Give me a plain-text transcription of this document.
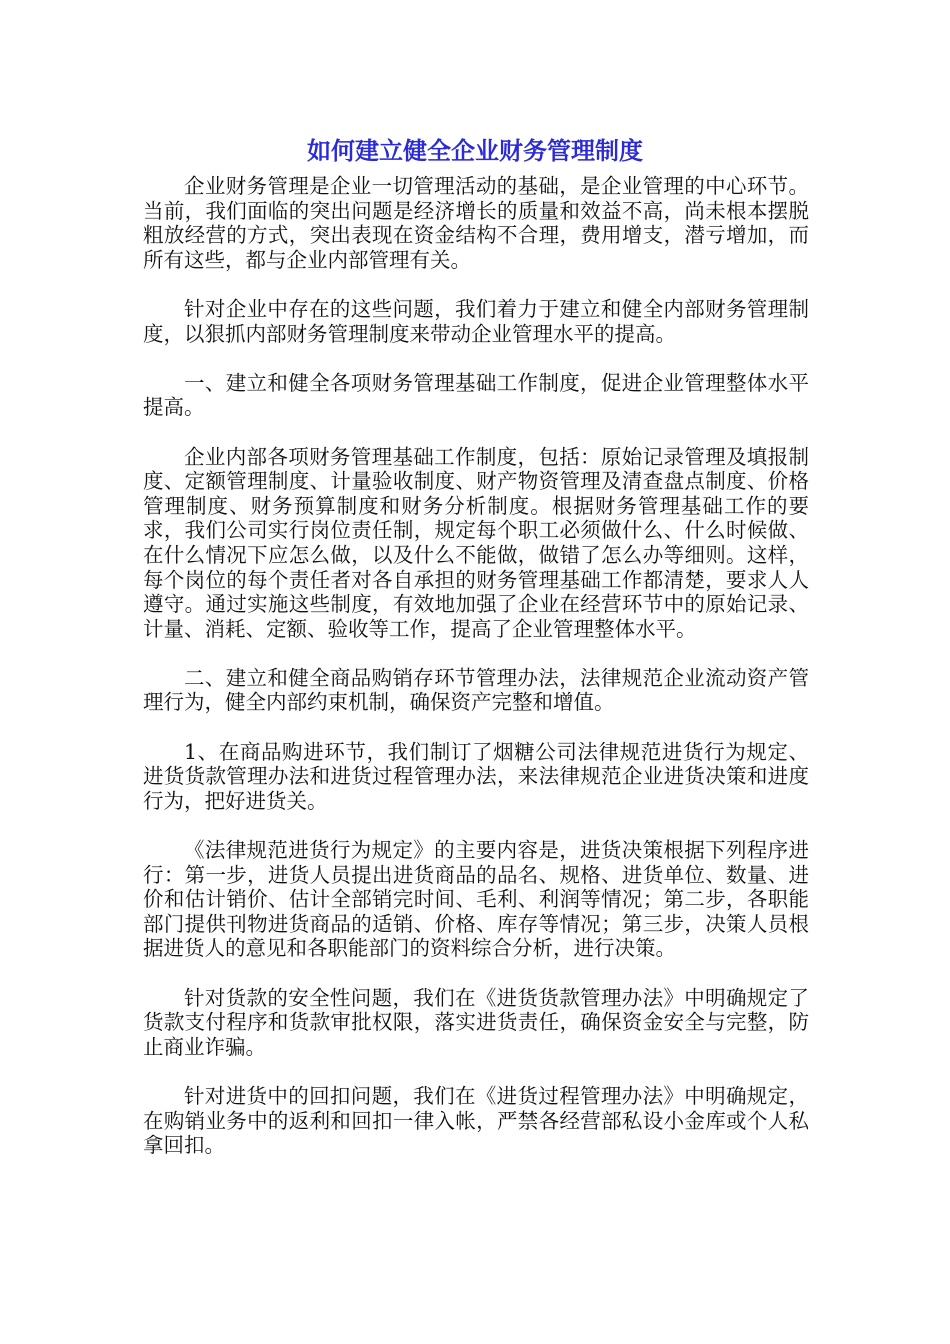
如何建立健全企业财务管理制度

企业财务管理是企业一切管理活动的基础，是企业管理的中心环节。当前，我们面临的突出问题是经济增长的质量和效益不高，尚未根本摆脱粗放经营的方式，突出表现在资金结构不合理，费用增支，潜亏增加，而所有这些，都与企业内部管理有关。

针对企业中存在的这些问题，我们着力于建立和健全内部财务管理制度，以狠抓内部财务管理制度来带动企业管理水平的提高。

一、建立和健全各项财务管理基础工作制度，促进企业管理整体水平提高。

企业内部各项财务管理基础工作制度，包括：原始记录管理及填报制度、定额管理制度、计量验收制度、财产物资管理及清查盘点制度、价格管理制度、财务预算制度和财务分析制度。根据财务管理基础工作的要求，我们公司实行岗位责任制，规定每个职工必须做什么、什么时候做、在什么情况下应怎么做，以及什么不能做，做错了怎么办等细则。这样，每个岗位的每个责任者对各自承担的财务管理基础工作都清楚，要求人人遵守。通过实施这些制度，有效地加强了企业在经营环节中的原始记录、计量、消耗、定额、验收等工作，提高了企业管理整体水平。

二、建立和健全商品购销存环节管理办法，法律规范企业流动资产管理行为，健全内部约束机制，确保资产完整和增值。

1、在商品购进环节，我们制订了烟糖公司法律规范进货行为规定、进货货款管理办法和进货过程管理办法，来法律规范企业进货决策和进度行为，把好进货关。

《法律规范进货行为规定》的主要内容是，进货决策根据下列程序进行：第一步，进货人员提出进货商品的品名、规格、进货单位、数量、进价和估计销价、估计全部销完时间、毛利、利润等情况；第二步，各职能部门提供刊物进货商品的适销、价格、库存等情况；第三步，决策人员根据进货人的意见和各职能部门的资料综合分析，进行决策。

针对货款的安全性问题，我们在《进货货款管理办法》中明确规定了货款支付程序和货款审批权限，落实进货责任，确保资金安全与完整，防止商业诈骗。

针对进货中的回扣问题，我们在《进货过程管理办法》中明确规定，在购销业务中的返利和回扣一律入帐，严禁各经营部私设小金库或个人私拿回扣。
